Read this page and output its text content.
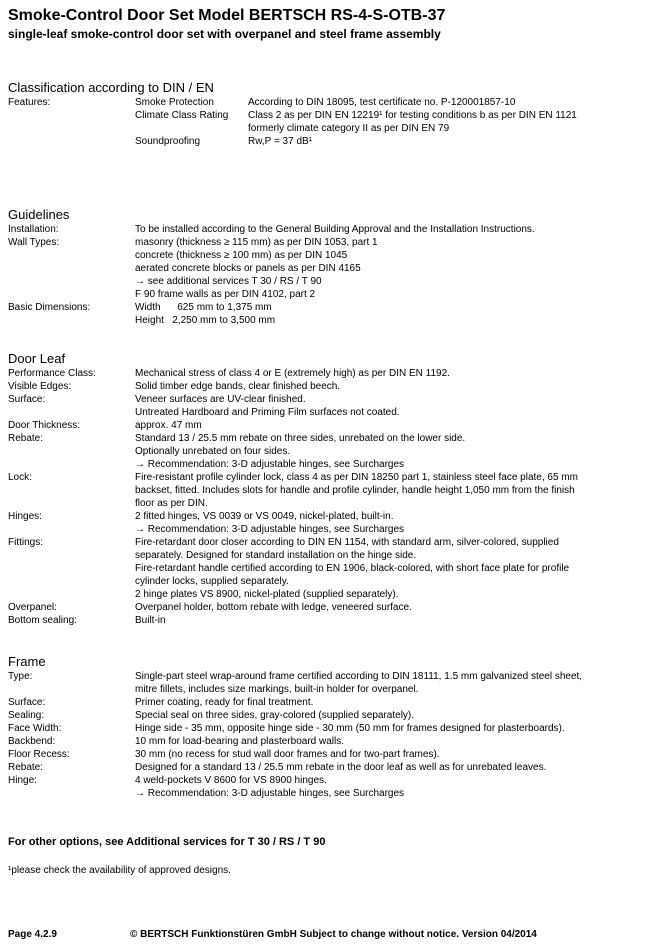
Smoke-Control Door Set Model BERTSCH RS-4-S-OTB-37
single-leaf smoke-control door set with overpanel and steel frame assembly
Classification according to DIN / EN
Features:	Smoke Protection	According to DIN 18095, test certificate no. P-120001857-10
Climate Class Rating	Class 2 as per DIN EN 12219¹ for testing conditions b as per DIN EN 1121
formerly climate category II as per DIN EN 79
Soundproofing	Rw,P = 37 dB¹
Guidelines
Installation:	To be installed according to the General Building Approval and the Installation Instructions.
Wall Types:	masonry (thickness ≥ 115 mm) as per DIN 1053, part 1
concrete (thickness ≥ 100 mm) as per DIN 1045
aerated concrete blocks or panels as per DIN 4165
→ see additional services T 30 / RS / T 90
F 90 frame walls as per DIN 4102, part 2
Basic Dimensions:	Width      625 mm to 1,375 mm
Height   2,250 mm to 3,500 mm
Door Leaf
Performance Class:	Mechanical stress of class 4 or E (extremely high) as per DIN EN 1192.
Visible Edges:	Solid timber edge bands, clear finished beech.
Surface:	Veneer surfaces are UV-clear finished.
Untreated Hardboard and Priming Film surfaces not coated.
Door Thickness:	approx. 47 mm
Rebate:	Standard 13 / 25.5 mm rebate on three sides, unrebated on the lower side.
Optionally unrebated on four sides.
→ Recommendation: 3-D adjustable hinges, see Surcharges
Lock:	Fire-resistant profile cylinder lock, class 4 as per DIN 18250 part 1, stainless steel face plate, 65 mm
backset, fitted. Includes slots for handle and profile cylinder, handle height 1,050 mm from the finish
floor as per DIN.
Hinges:	2 fitted hinges, VS 0039 or VS 0049, nickel-plated, built-in.
→ Recommendation: 3-D adjustable hinges, see Surcharges
Fittings:	Fire-retardant door closer according to DIN EN 1154, with standard arm, silver-colored, supplied
separately. Designed for standard installation on the hinge side.
Fire-retardant handle certified according to EN 1906, black-colored, with short face plate for profile
cylinder locks, supplied separately.
2 hinge plates VS 8900, nickel-plated (supplied separately).
Overpanel:	Overpanel holder, bottom rebate with ledge, veneered surface.
Bottom sealing:	Built-in
Frame
Type:	Single-part steel wrap-around frame certified according to DIN 18111, 1.5 mm galvanized steel sheet,
mitre fillets, includes size markings, built-in holder for overpanel.
Surface:	Primer coating, ready for final treatment.
Sealing:	Special seal on three sides, gray-colored (supplied separately).
Face Width:	Hinge side - 35 mm, opposite hinge side - 30 mm (50 mm for frames designed for plasterboards).
Backbend:	10 mm for load-bearing and plasterboard walls.
Floor Recess:	30 mm (no recess for stud wall door frames and for two-part frames).
Rebate:	Designed for a standard 13 / 25.5 mm rebate in the door leaf as well as for unrebated leaves.
Hinge:	4 weld-pockets V 8600 for VS 8900 hinges.
→ Recommendation: 3-D adjustable hinges, see Surcharges
For other options, see Additional services for T 30 / RS / T 90
¹please check the availability of approved designs.
Page 4.2.9	© BERTSCH Funktionstüren GmbH Subject to change without notice. Version 04/2014
